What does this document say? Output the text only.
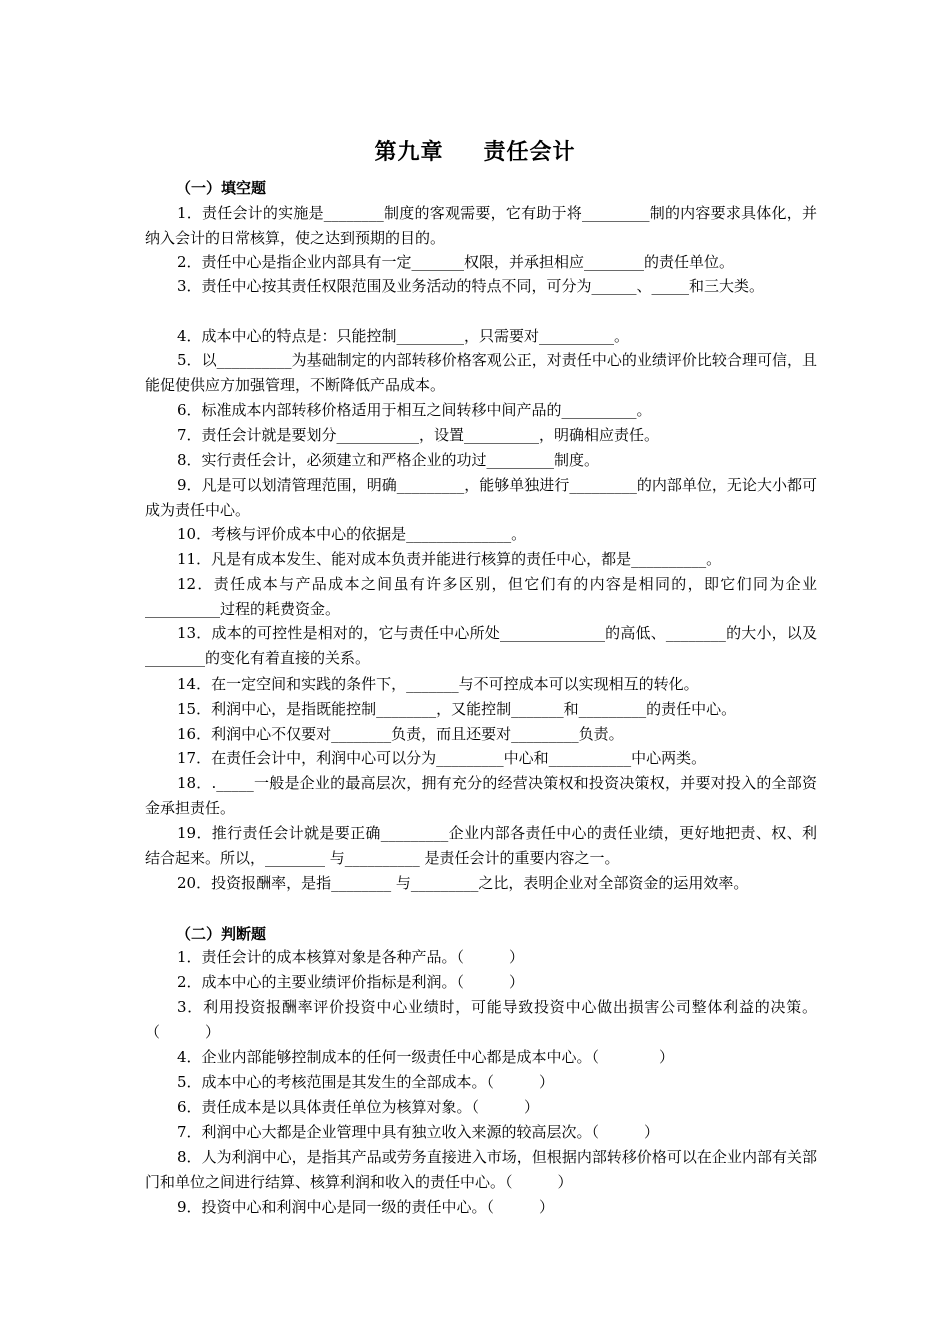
第九章 责任会计
（一）填空题
1．责任会计的实施是________制度的客观需要，它有助于将_________制的内容要求具体化，并纳入会计的日常核算，使之达到预期的目的。
2．责任中心是指企业内部具有一定_______权限，并承担相应________的责任单位。
3．责任中心按其责任权限范围及业务活动的特点不同，可分为______、_____和三大类。
4．成本中心的特点是：只能控制_________，只需要对__________。
5．以__________为基础制定的内部转移价格客观公正，对责任中心的业绩评价比较合理可信，且能促使供应方加强管理，不断降低产品成本。
6．标准成本内部转移价格适用于相互之间转移中间产品的__________。
7．责任会计就是要划分___________，设置__________，明确相应责任。
8．实行责任会计，必须建立和严格企业的功过_________制度。
9．凡是可以划清管理范围，明确_________，能够单独进行_________的内部单位，无论大小都可成为责任中心。
10．考核与评价成本中心的依据是______________。
11．凡是有成本发生、能对成本负责并能进行核算的责任中心，都是__________。
12．责任成本与产品成本之间虽有许多区别，但它们有的内容是相同的，即它们同为企业__________过程的耗费资金。
13．成本的可控性是相对的，它与责任中心所处______________的高低、________的大小，以及________的变化有着直接的关系。
14．在一定空间和实践的条件下，_______与不可控成本可以实现相互的转化。
15．利润中心，是指既能控制________，又能控制_______和_________的责任中心。
16．利润中心不仅要对________负责，而且还要对_________负责。
17．在责任会计中，利润中心可以分为_________中心和___________中心两类。
18．._____一般是企业的最高层次，拥有充分的经营决策权和投资决策权，并要对投入的全部资金承担责任。
19．推行责任会计就是要正确_________企业内部各责任中心的责任业绩，更好地把责、权、利结合起来。所以，________ 与__________ 是责任会计的重要内容之一。
20．投资报酬率，是指________ 与_________之比，表明企业对全部资金的运用效率。
（二）判断题
1．责任会计的成本核算对象是各种产品。（　　　）
2．成本中心的主要业绩评价指标是利润。（　　　）
3．利用投资报酬率评价投资中心业绩时，可能导致投资中心做出损害公司整体利益的决策。（　　　）
4．企业内部能够控制成本的任何一级责任中心都是成本中心。（　　　　）
5．成本中心的考核范围是其发生的全部成本。（　　　）
6．责任成本是以具体责任单位为核算对象。（　　　）
7．利润中心大都是企业管理中具有独立收入来源的较高层次。（　　　）
8．人为利润中心，是指其产品或劳务直接进入市场，但根据内部转移价格可以在企业内部有关部门和单位之间进行结算、核算利润和收入的责任中心。（　　　）
9．投资中心和利润中心是同一级的责任中心。（　　　）
